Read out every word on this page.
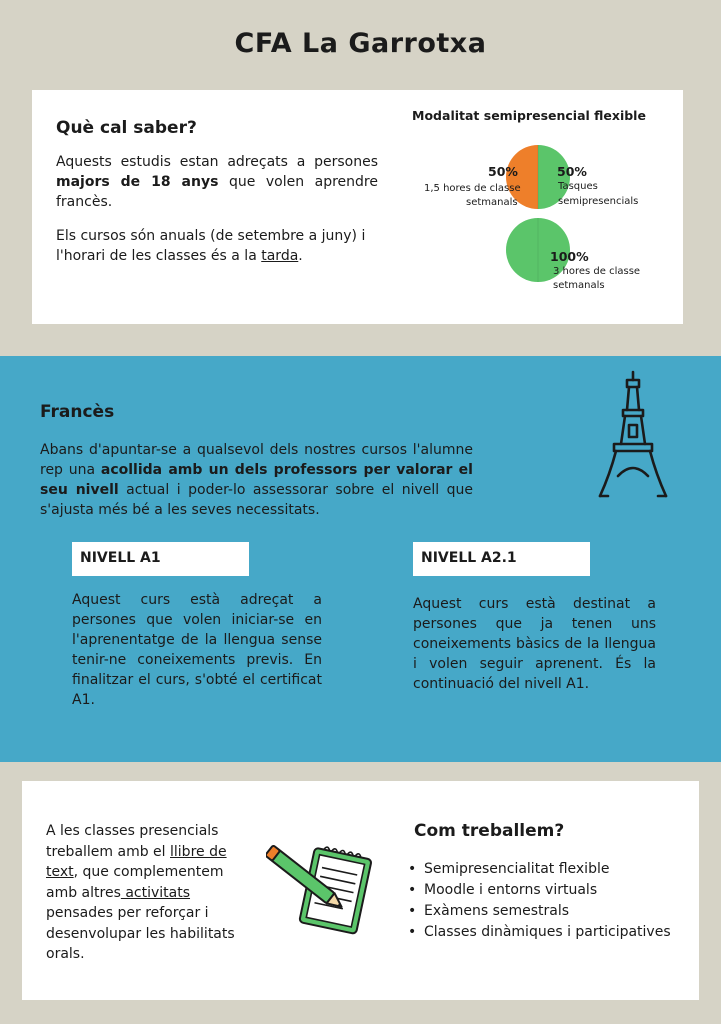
CFA La Garrotxa
Què cal saber?

Aquests estudis estan adreçats a persones majors de 18 anys que volen aprendre francès.

Els cursos són anuals (de setembre a juny) i l'horari de les classes és a la tarda.

Modalitat semipresencial flexible
50%
1,5 hores de classe
setmanals
50%
Tasques
semipresencials
100%
3 hores de classe
setmanals
Francès

Abans d'apuntar-se a qualsevol dels nostres cursos l'alumne rep una acollida amb un dels professors per valorar el seu nivell actual i poder-lo assessorar sobre el nivell que s'ajusta més bé a les seves necessitats.

NIVELL A1

Aquest curs està adreçat a persones que volen iniciar-se en l'aprenentatge de la llengua sense tenir-ne coneixements previs. En finalitzar el curs, s'obté el certificat A1.

NIVELL A2.1

Aquest curs està destinat a persones que ja tenen uns coneixements bàsics de la llengua i volen seguir aprenent. És la continuació del nivell A1.

A les classes presencials treballem amb el llibre de text, que complementem amb altres activitats pensades per reforçar i desenvolupar les habilitats orals.

Com treballem?
• Semipresencialitat flexible
• Moodle i entorns virtuals
• Exàmens semestrals
• Classes dinàmiques i participatives
